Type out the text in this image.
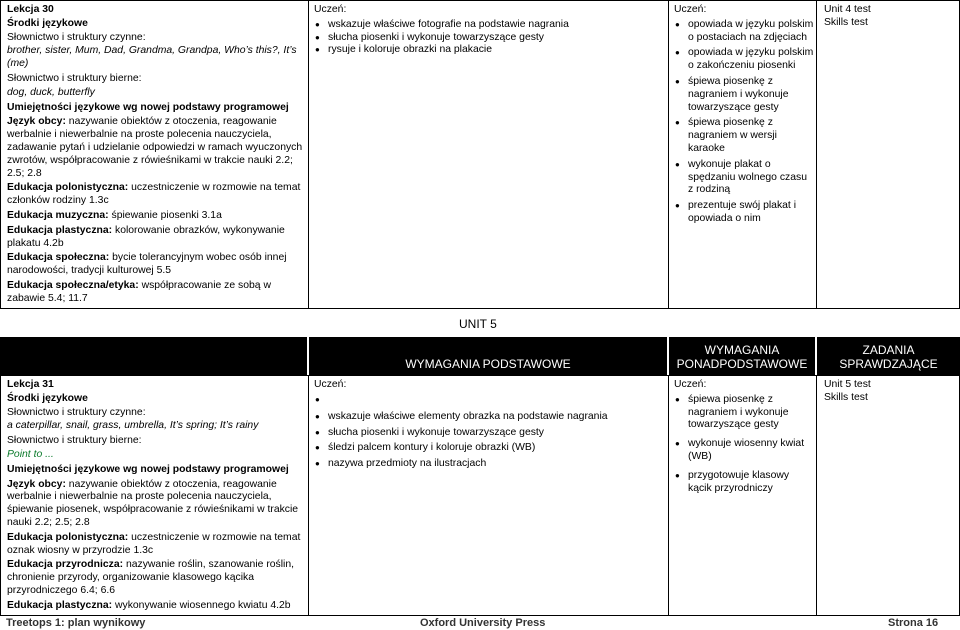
Lekcja 30

Środki językowe

Słownictwo i struktury czynne:

brother, sister, Mum, Dad, Grandma, Grandpa, Who’s this?, It’s (me)

Słownictwo i struktury bierne:

dog, duck, butterfly

Umiejętności językowe wg nowej podstawy programowej

Język obcy: nazywanie obiektów z otoczenia, reagowanie werbalnie i niewerbalnie na proste polecenia nauczyciela, zadawanie pytań i udzielanie odpowiedzi w ramach wyuczonych zwrotów, współpracowanie z rówieśnikami w trakcie nauki 2.2; 2.5; 2.8

Edukacja polonistyczna: uczestniczenie w rozmowie na temat członków rodziny 1.3c

Edukacja muzyczna: śpiewanie piosenki 3.1a

Edukacja plastyczna: kolorowanie obrazków, wykonywanie plakatu 4.2b

Edukacja społeczna: bycie tolerancyjnym wobec osób innej narodowości, tradycji kulturowej 5.5

Edukacja społeczna/etyka: współpracowanie ze sobą w zabawie 5.4; 11.7

Uczeń:
● wskazuje właściwe fotografie na podstawie nagrania
● słucha piosenki i wykonuje towarzyszące gesty
● rysuje i koloruje obrazki na plakacie
Uczeń:
● opowiada w języku polskim o postaciach na zdjęciach
● opowiada w języku polskim o zakończeniu piosenki
● śpiewa piosenkę z nagraniem i wykonuje towarzyszące gesty
● śpiewa piosenkę z nagraniem w wersji karaoke
● wykonuje plakat o spędzaniu wolnego czasu z rodziną
● prezentuje swój plakat i opowiada o nim
Unit 4 test
Skills test
UNIT 5
WYMAGANIA PODSTAWOWE
WYMAGANIA PONADPODSTAWOWE
ZADANIA SPRAWDZAJĄCE

Lekcja 31

Środki językowe

Słownictwo i struktury czynne:

a caterpillar, snail, grass, umbrella, It’s spring; It’s rainy

Słownictwo i struktury bierne:

Point to ...

Umiejętności językowe wg nowej podstawy programowej

Język obcy: nazywanie obiektów z otoczenia, reagowanie werbalnie i niewerbalnie na proste polecenia nauczyciela, śpiewanie piosenek, współpracowanie z rówieśnikami w trakcie nauki 2.2; 2.5; 2.8

Edukacja polonistyczna: uczestniczenie w rozmowie na temat oznak wiosny w przyrodzie 1.3c

Edukacja przyrodnicza: nazywanie roślin, szanowanie roślin, chronienie przyrody, organizowanie klasowego kącika przyrodniczego 6.4; 6.6

Edukacja plastyczna: wykonywanie wiosennego kwiatu 4.2b

Uczeń:
●
● wskazuje właściwe elementy obrazka na podstawie nagrania
● słucha piosenki i wykonuje towarzyszące gesty
● śledzi palcem kontury i koloruje obrazki (WB)
● nazywa przedmioty na ilustracjach
Uczeń:
● śpiewa piosenkę z nagraniem i wykonuje towarzyszące gesty
● wykonuje wiosenny kwiat (WB)
● przygotowuje klasowy kącik przyrodniczy
Unit 5 test
Skills test
Treetops 1: plan wynikowy	Oxford University Press	Strona 16
